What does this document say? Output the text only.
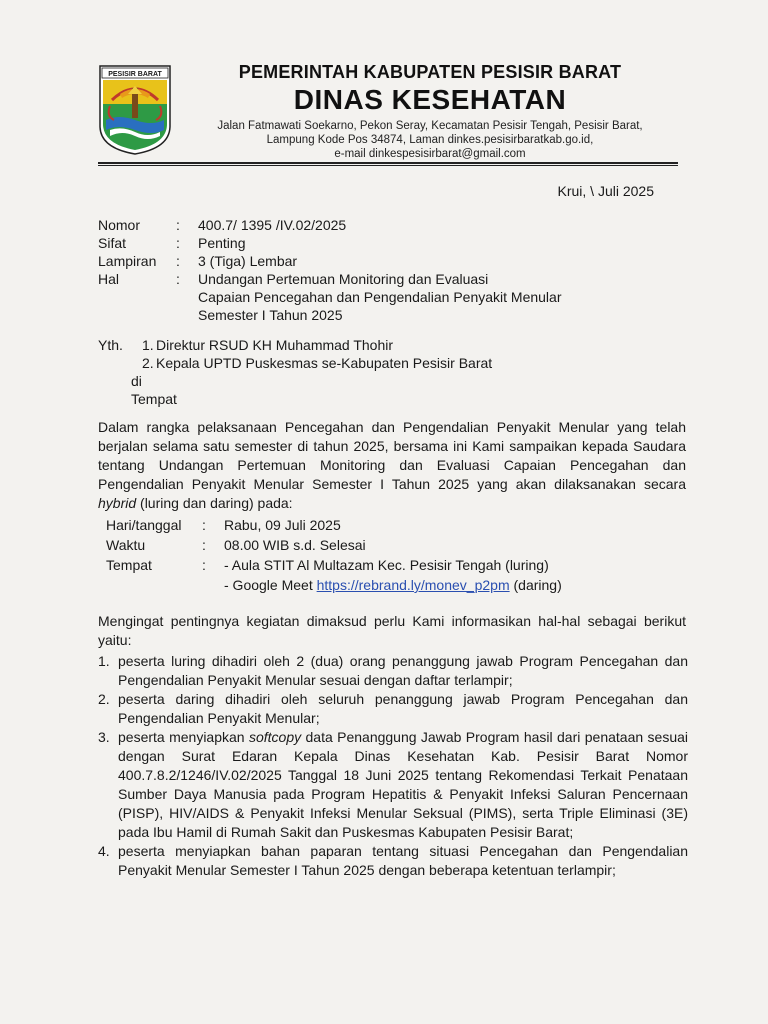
PESISIR BARAT	PEMERINTAH KABUPATEN PESISIR BARAT
DINAS KESEHATAN
Jalan Fatmawati Soekarno, Pekon Seray, Kecamatan Pesisir Tengah, Pesisir Barat,
Lampung Kode Pos 34874, Laman dinkes.pesisirbaratkab.go.id,
e-mail dinkespesisirbarat@gmail.com
Krui, \ Juli 2025
Nomor	:	400.7/ 1395 /IV.02/2025
Sifat	:	Penting
Lampiran	:	3 (Tiga) Lembar
Hal	:	Undangan Pertemuan Monitoring dan Evaluasi
Capaian Pencegahan dan Pengendalian Penyakit Menular
Semester I Tahun 2025
Yth.	1. Direktur RSUD KH Muhammad Thohir
2. Kepala UPTD Puskesmas se-Kabupaten Pesisir Barat
di
Tempat
Dalam rangka pelaksanaan Pencegahan dan Pengendalian Penyakit Menular yang telah berjalan selama satu semester di tahun 2025, bersama ini Kami sampaikan kepada Saudara tentang Undangan Pertemuan Monitoring dan Evaluasi Capaian Pencegahan dan Pengendalian Penyakit Menular Semester I Tahun 2025 yang akan dilaksanakan secara hybrid (luring dan daring) pada:
Hari/tanggal	:	Rabu, 09 Juli 2025
Waktu	:	08.00 WIB s.d. Selesai
Tempat	:	- Aula STIT Al Multazam Kec. Pesisir Tengah (luring)
- Google Meet https://rebrand.ly/monev_p2pm (daring)
Mengingat pentingnya kegiatan dimaksud perlu Kami informasikan hal-hal sebagai berikut yaitu:
1. peserta luring dihadiri oleh 2 (dua) orang penanggung jawab Program Pencegahan dan Pengendalian Penyakit Menular sesuai dengan daftar terlampir;
2. peserta daring dihadiri oleh seluruh penanggung jawab Program Pencegahan dan Pengendalian Penyakit Menular;
3. peserta menyiapkan softcopy data Penanggung Jawab Program hasil dari penataan sesuai dengan Surat Edaran Kepala Dinas Kesehatan Kab. Pesisir Barat Nomor 400.7.8.2/1246/IV.02/2025 Tanggal 18 Juni 2025 tentang Rekomendasi Terkait Penataan Sumber Daya Manusia pada Program Hepatitis & Penyakit Infeksi Saluran Pencernaan (PISP), HIV/AIDS & Penyakit Infeksi Menular Seksual (PIMS), serta Triple Eliminasi (3E) pada Ibu Hamil di Rumah Sakit dan Puskesmas Kabupaten Pesisir Barat;
4. peserta menyiapkan bahan paparan tentang situasi Pencegahan dan Pengendalian Penyakit Menular Semester I Tahun 2025 dengan beberapa ketentuan terlampir;
